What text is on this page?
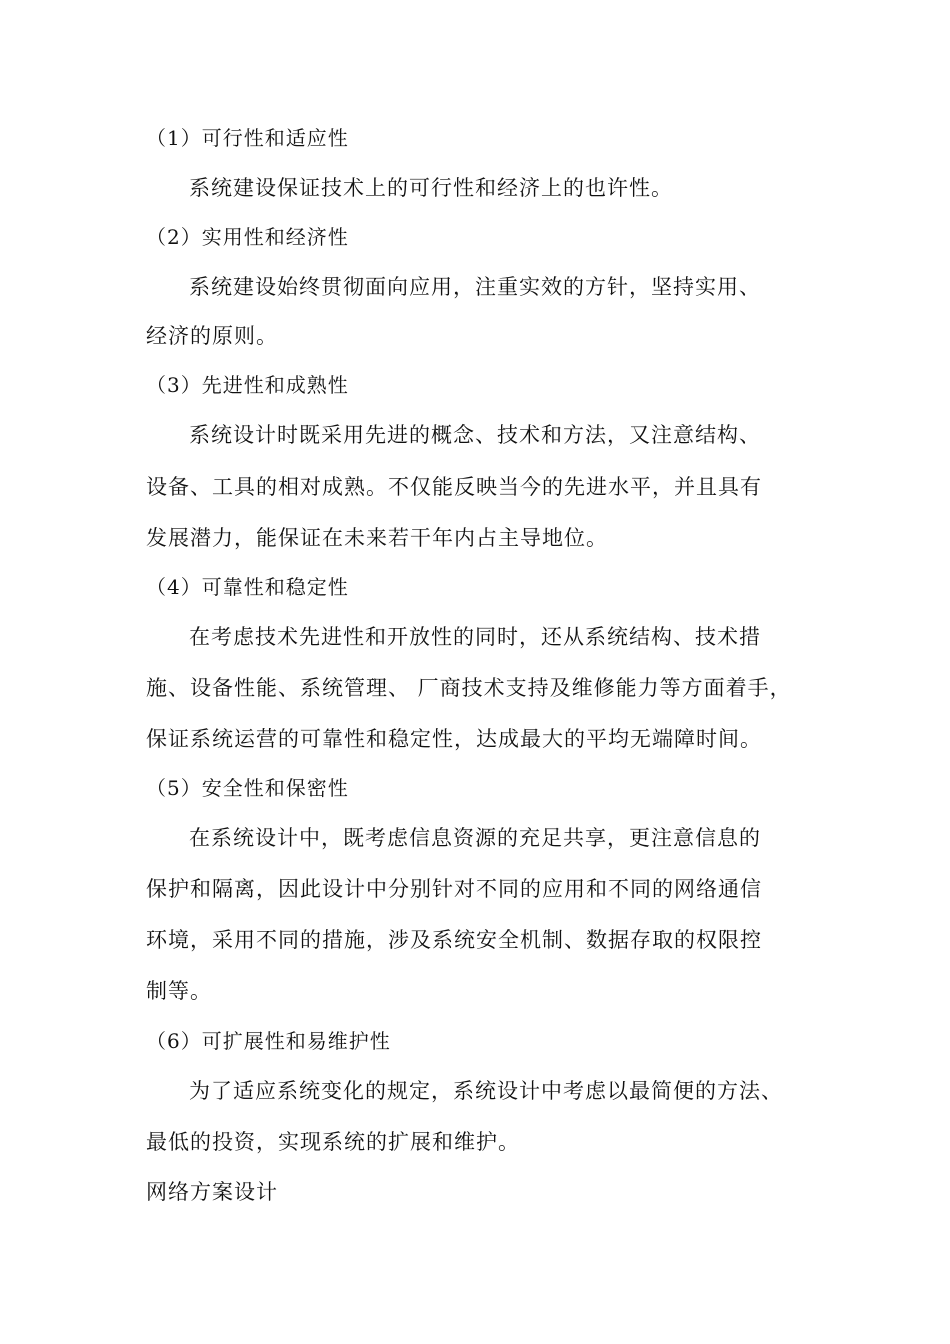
（1）可行性和适应性
系统建设保证技术上的可行性和经济上的也许性。
（2）实用性和经济性
系统建设始终贯彻面向应用，注重实效的方针，坚持实用、
经济的原则。
（3）先进性和成熟性
系统设计时既采用先进的概念、技术和方法，又注意结构、
设备、工具的相对成熟。不仅能反映当今的先进水平，并且具有
发展潜力，能保证在未来若干年内占主导地位。
（4）可靠性和稳定性
在考虑技术先进性和开放性的同时，还从系统结构、技术措
施、设备性能、系统管理、 厂商技术支持及维修能力等方面着手，
保证系统运营的可靠性和稳定性，达成最大的平均无端障时间。
（5）安全性和保密性
在系统设计中，既考虑信息资源的充足共享，更注意信息的
保护和隔离，因此设计中分别针对不同的应用和不同的网络通信
环境，采用不同的措施，涉及系统安全机制、数据存取的权限控
制等。
（6）可扩展性和易维护性
为了适应系统变化的规定，系统设计中考虑以最简便的方法、
最低的投资，实现系统的扩展和维护。
网络方案设计
